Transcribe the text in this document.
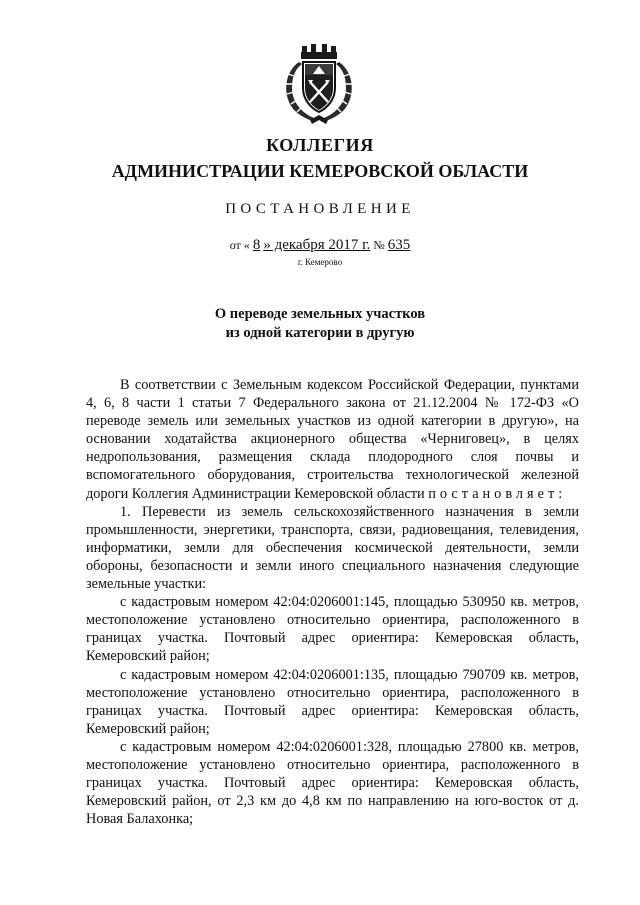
КОЛЛЕГИЯ
АДМИНИСТРАЦИИ КЕМЕРОВСКОЙ ОБЛАСТИ
ПОСТАНОВЛЕНИЕ
от « 8 » декабря 2017 г. № 635
г. Кемерово
О переводе земельных участков
из одной категории в другую

В соответствии с Земельным кодексом Российской Федерации, пунктами 4, 6, 8 части 1 статьи 7 Федерального закона от 21.12.2004 № 172-ФЗ «О переводе земель или земельных участков из одной категории в другую», на основании ходатайства акционерного общества «Черниговец», в целях недропользования, размещения склада плодородного слоя почвы и вспомогательного оборудования, строительства технологической железной дороги Коллегия Администрации Кемеровской области постановляет:

1. Перевести из земель сельскохозяйственного назначения в земли промышленности, энергетики, транспорта, связи, радиовещания, телевидения, информатики, земли для обеспечения космической деятельности, земли обороны, безопасности и земли иного специального назначения следующие земельные участки:

с кадастровым номером 42:04:0206001:145, площадью 530950 кв. метров, местоположение установлено относительно ориентира, расположенного в границах участка. Почтовый адрес ориентира: Кемеровская область, Кемеровский район;

с кадастровым номером 42:04:0206001:135, площадью 790709 кв. метров, местоположение установлено относительно ориентира, расположенного в границах участка. Почтовый адрес ориентира: Кемеровская область, Кемеровский район;

с кадастровым номером 42:04:0206001:328, площадью 27800 кв. метров, местоположение установлено относительно ориентира, расположенного в границах участка. Почтовый адрес ориентира: Кемеровская область, Кемеровский район, от 2,3 км до 4,8 км по направлению на юго-восток от д. Новая Балахонка;
